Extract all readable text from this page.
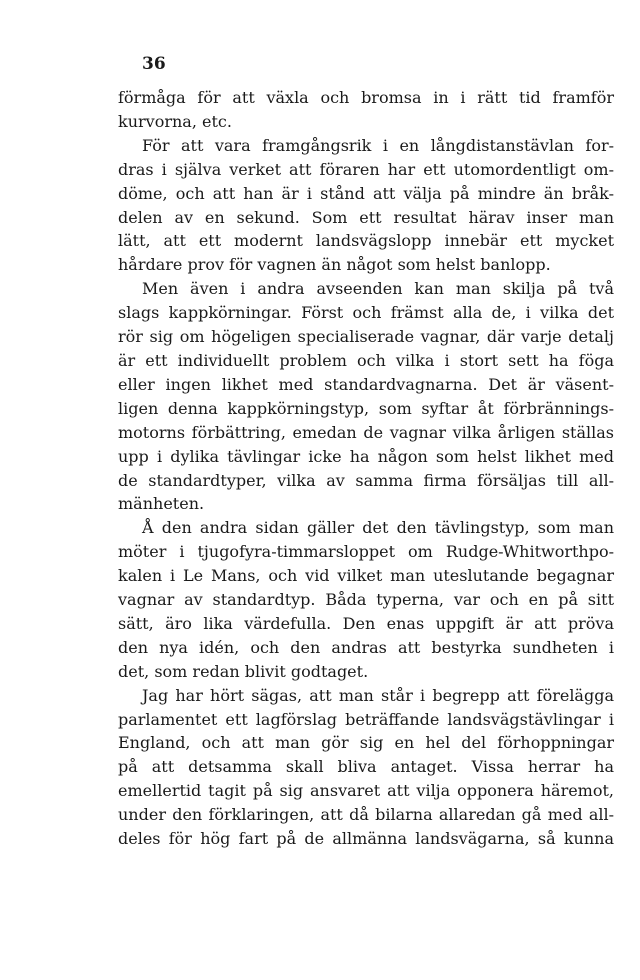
36
förmåga för att växla och bromsa in i rätt tid framför
kurvorna, etc.
För att vara framgångsrik i en långdistanstävlan for-
dras i själva verket att föraren har ett utomordentligt om-
döme, och att han är i stånd att välja på mindre än bråk-
delen av en sekund. Som ett resultat härav inser man
lätt, att ett modernt landsvägslopp innebär ett mycket
hårdare prov för vagnen än något som helst banlopp.
Men även i andra avseenden kan man skilja på två
slags kappkörningar. Först och främst alla de, i vilka det
rör sig om högeligen specialiserade vagnar, där varje detalj
är ett individuellt problem och vilka i stort sett ha föga
eller ingen likhet med standardvagnarna. Det är väsent-
ligen denna kappkörningstyp, som syftar åt förbrännings-
motorns förbättring, emedan de vagnar vilka årligen ställas
upp i dylika tävlingar icke ha någon som helst likhet med
de standardtyper, vilka av samma firma försäljas till all-
mänheten.
Å den andra sidan gäller det den tävlingstyp, som man
möter i tjugofyra-timmarsloppet om Rudge-Whitworthpo-
kalen i Le Mans, och vid vilket man uteslutande begagnar
vagnar av standardtyp. Båda typerna, var och en på sitt
sätt, äro lika värdefulla. Den enas uppgift är att pröva
den nya idén, och den andras att bestyrka sundheten i
det, som redan blivit godtaget.
Jag har hört sägas, att man står i begrepp att förelägga
parlamentet ett lagförslag beträffande landsvägstävlingar i
England, och att man gör sig en hel del förhoppningar
på att detsamma skall bliva antaget. Vissa herrar ha
emellertid tagit på sig ansvaret att vilja opponera häremot,
under den förklaringen, att då bilarna allaredan gå med all-
deles för hög fart på de allmänna landsvägarna, så kunna
